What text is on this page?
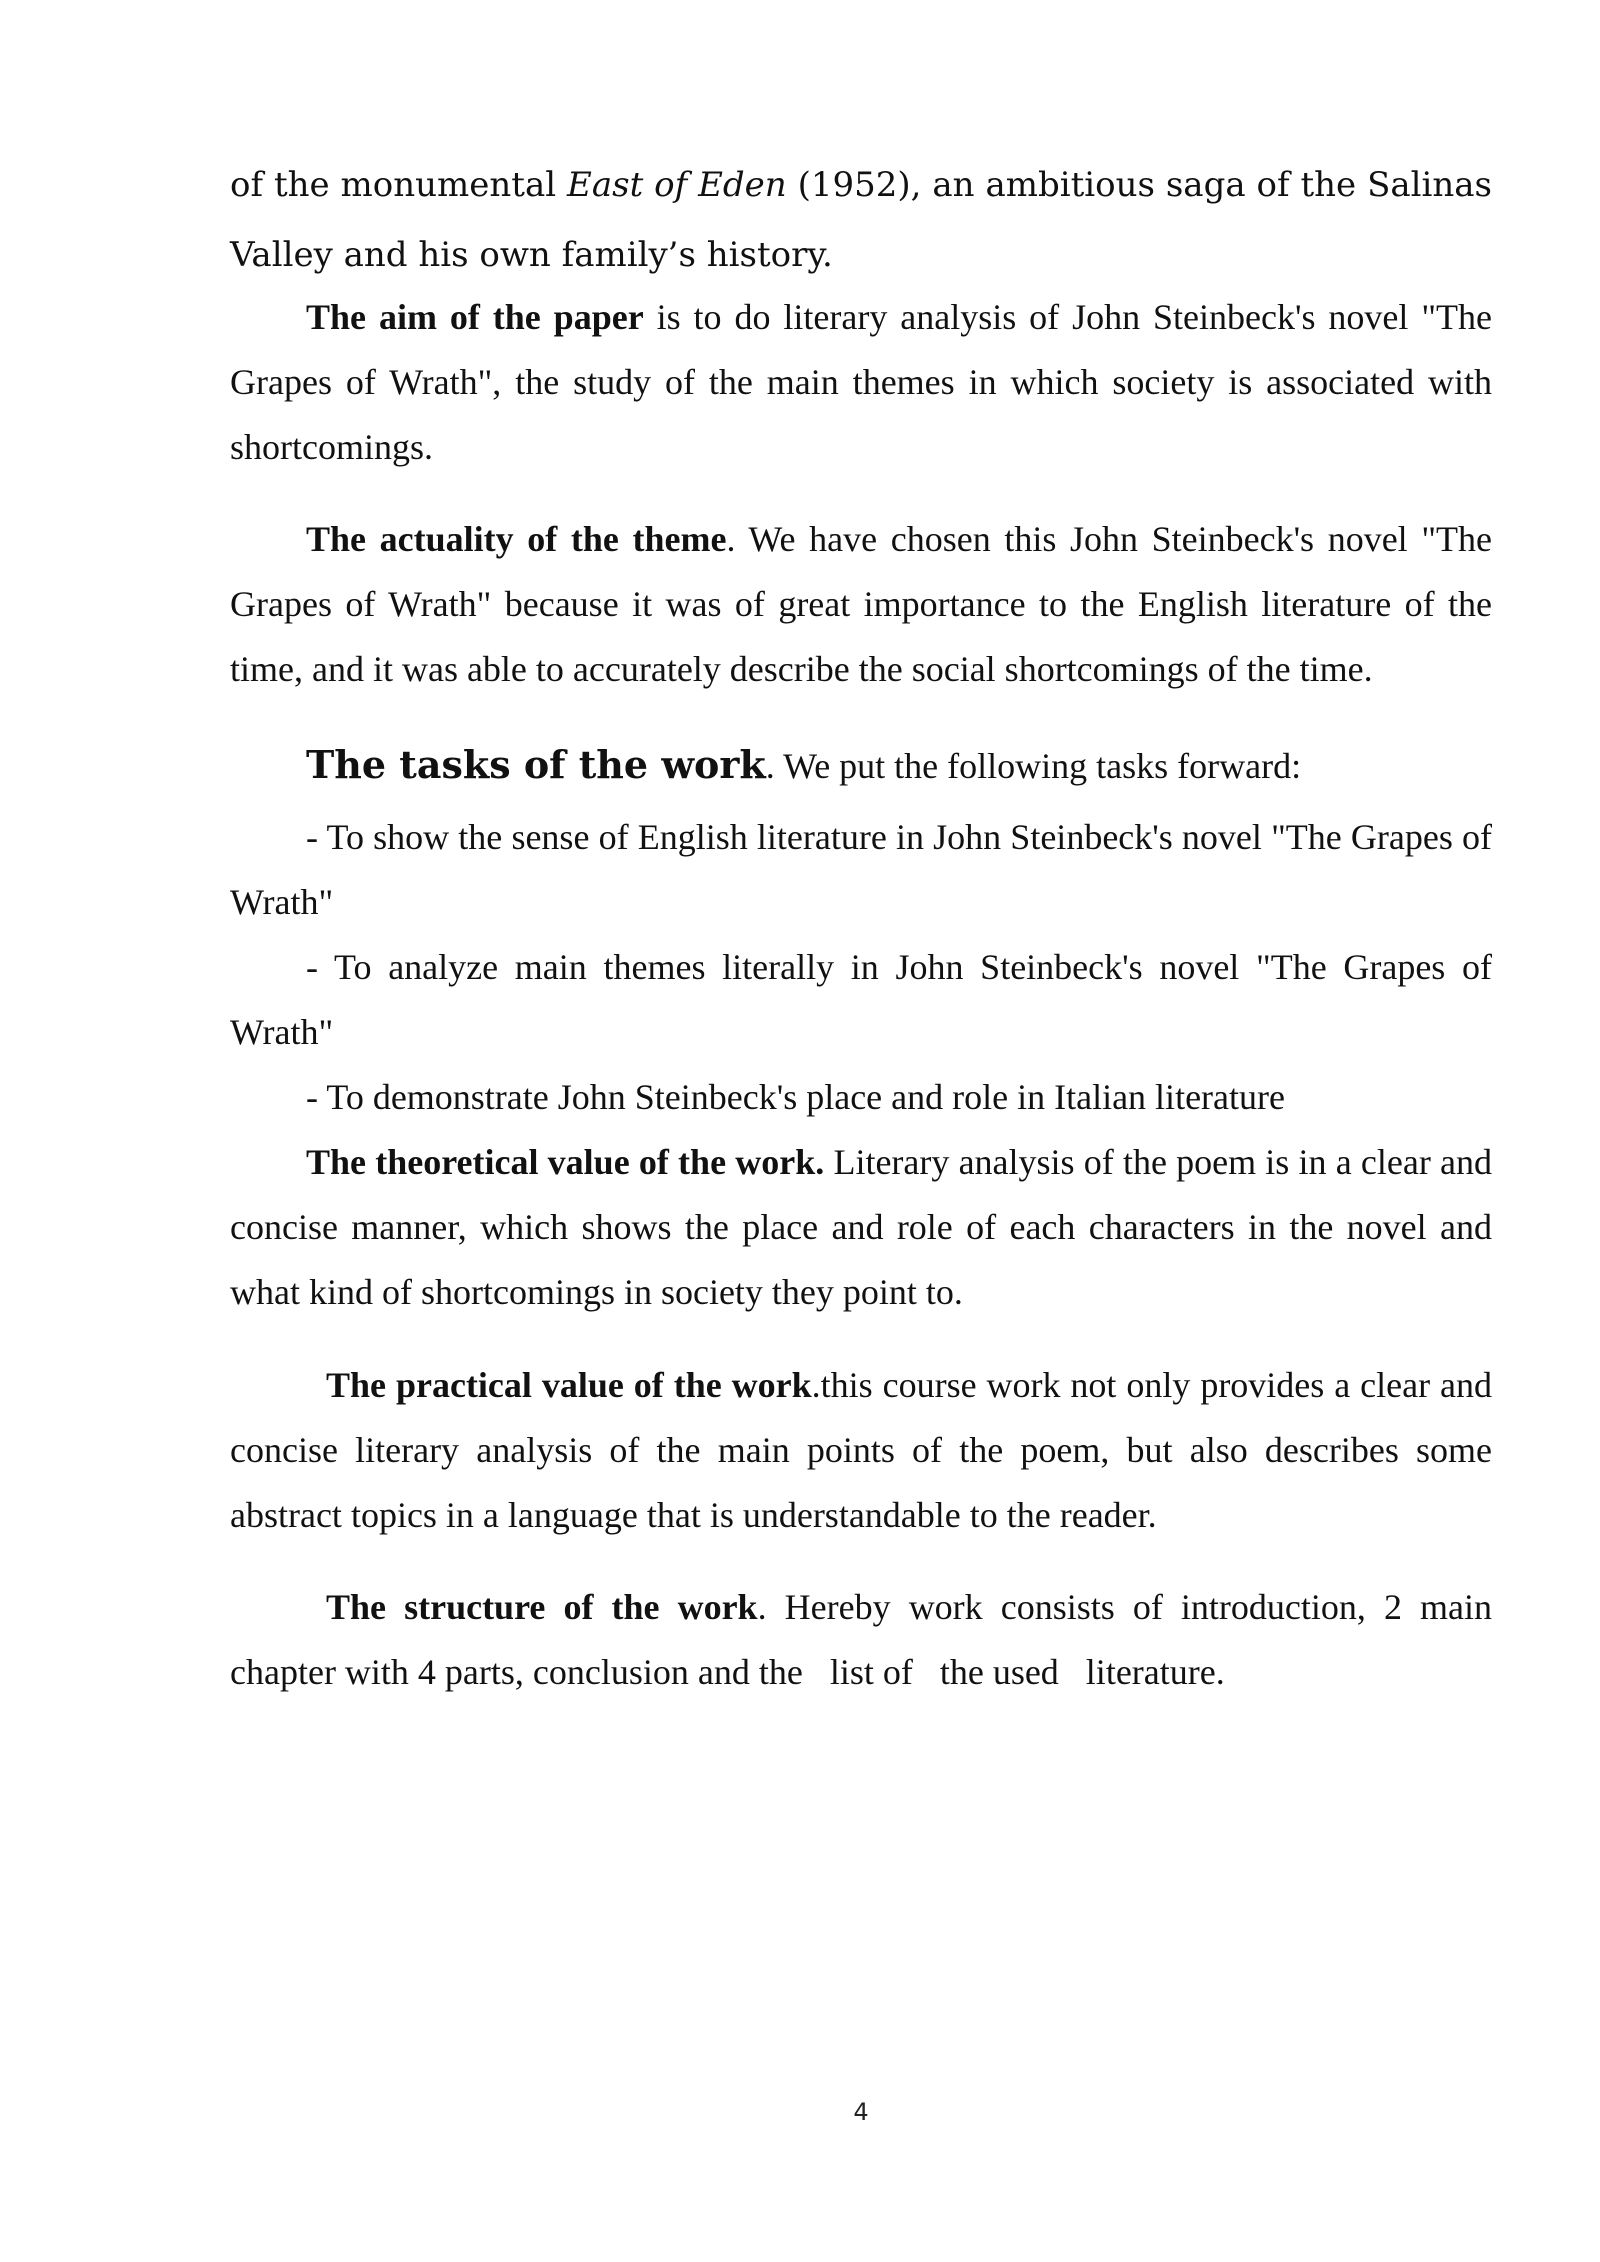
of the monumental East of Eden (1952), an ambitious saga of the Salinas Valley and his own family’s history.

The aim of the paper is to do literary analysis of John Steinbeck's novel "The Grapes of Wrath", the study of the main themes in which society is associated with shortcomings.

The actuality of the theme. We have chosen this John Steinbeck's novel "The Grapes of Wrath" because it was of great importance to the English literature of the time, and it was able to accurately describe the social shortcomings of the time.

The tasks of the work. We put the following tasks forward:

- To show the sense of English literature in John Steinbeck's novel "The Grapes of Wrath"

- To analyze main themes literally in John Steinbeck's novel "The Grapes of Wrath"

- To demonstrate John Steinbeck's place and role in Italian literature

The theoretical value of the work. Literary analysis of the poem is in a clear and concise manner, which shows the place and role of each characters in the novel and what kind of shortcomings in society they point to.

The practical value of the work.this course work not only provides a clear and concise literary analysis of the main points of the poem, but also describes some abstract topics in a language that is understandable to the reader.

The structure of the work. Hereby work consists of introduction, 2 main chapter with 4 parts, conclusion and the   list of   the used   literature.

4
